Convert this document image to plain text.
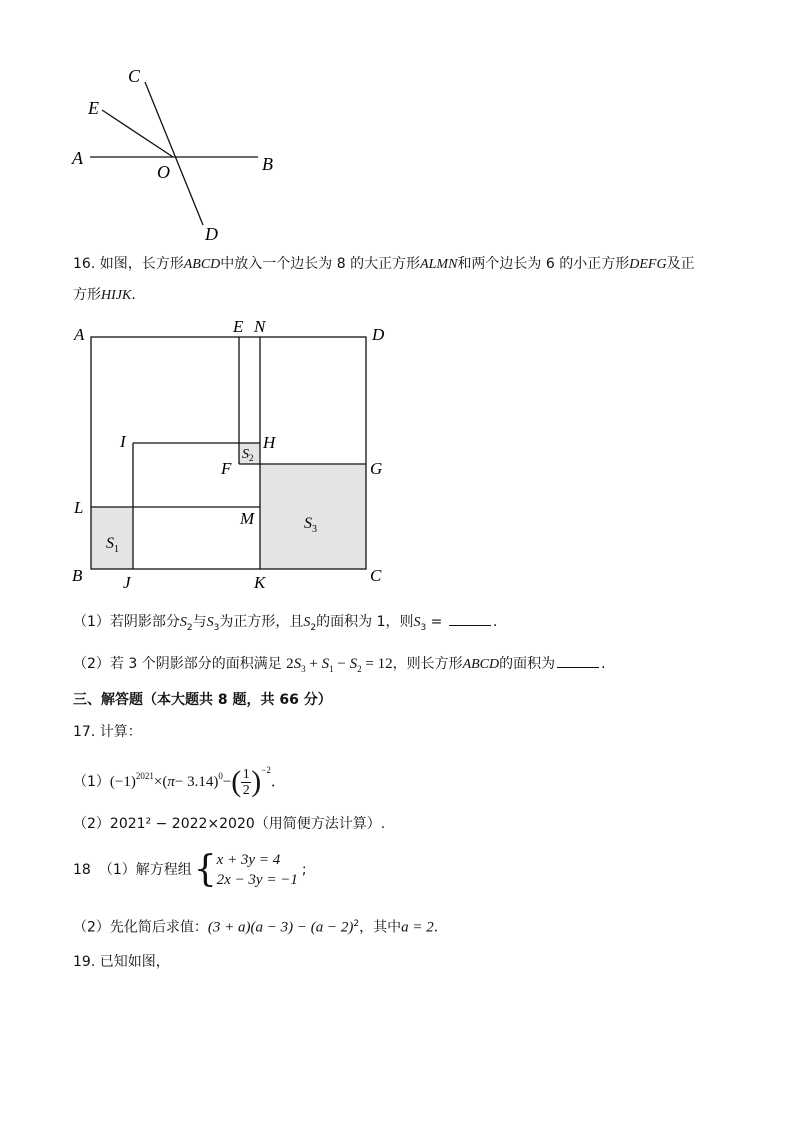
C
E
A
O	B
D
16. 如图，长方形ABCD中放入一个边长为 8 的大正方形ALMN和两个边长为 6 的小正方形DEFG及正
方形HIJK．
A	E N	D
I	H
F	G
L
M
B J	K	C
$S_1$
$S_2$
$S_3$
（1）若阴影部分$S_2$与$S_3$为正方形，且$S_2$的面积为 1，则$S_3$ =	．
（2）若 3 个阴影部分的面积满足 $2S_3 + S_1 - S_2 = 12$，则长方形ABCD的面积为	．
三、解答题（本大题共 8 题，共 66 分）
17. 计算：
（1） $(-1)^{2021}$ ×( π − 3.14)$^0$ − ( 1
2 )$^{-2}$
．
（2）2021² − 2022×2020（用简便方法计算）.
18 （1）解方程组 { x + 3y = 4
2x − 3y = −1
;
（2）先化简后求值：$(3 + a)(a - 3) - (a - 2)^2$，其中a = 2．
19. 已知如图，
